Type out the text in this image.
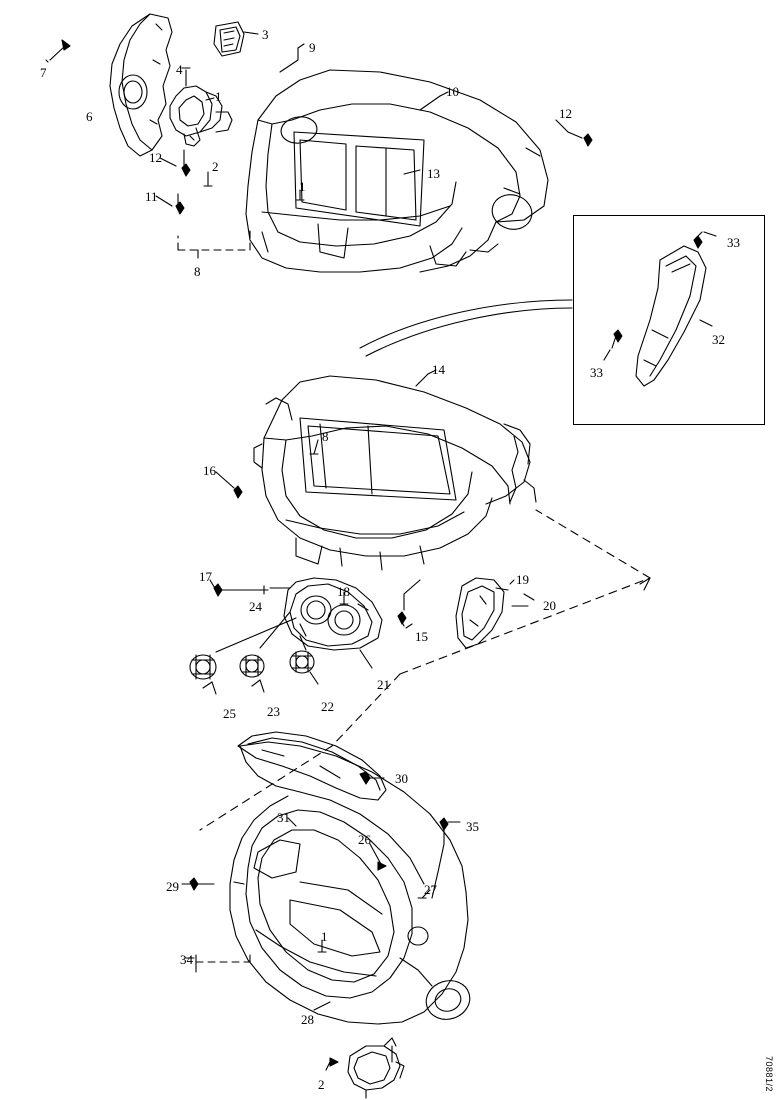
7
6
3
9
4
1	10
12
13
12
2
1
11
8
33
32
33
14
8
16
17
24
18
15
19
20
21
25 23	22
30
31
26
35
29	27
34
1
28
2	70881/2
